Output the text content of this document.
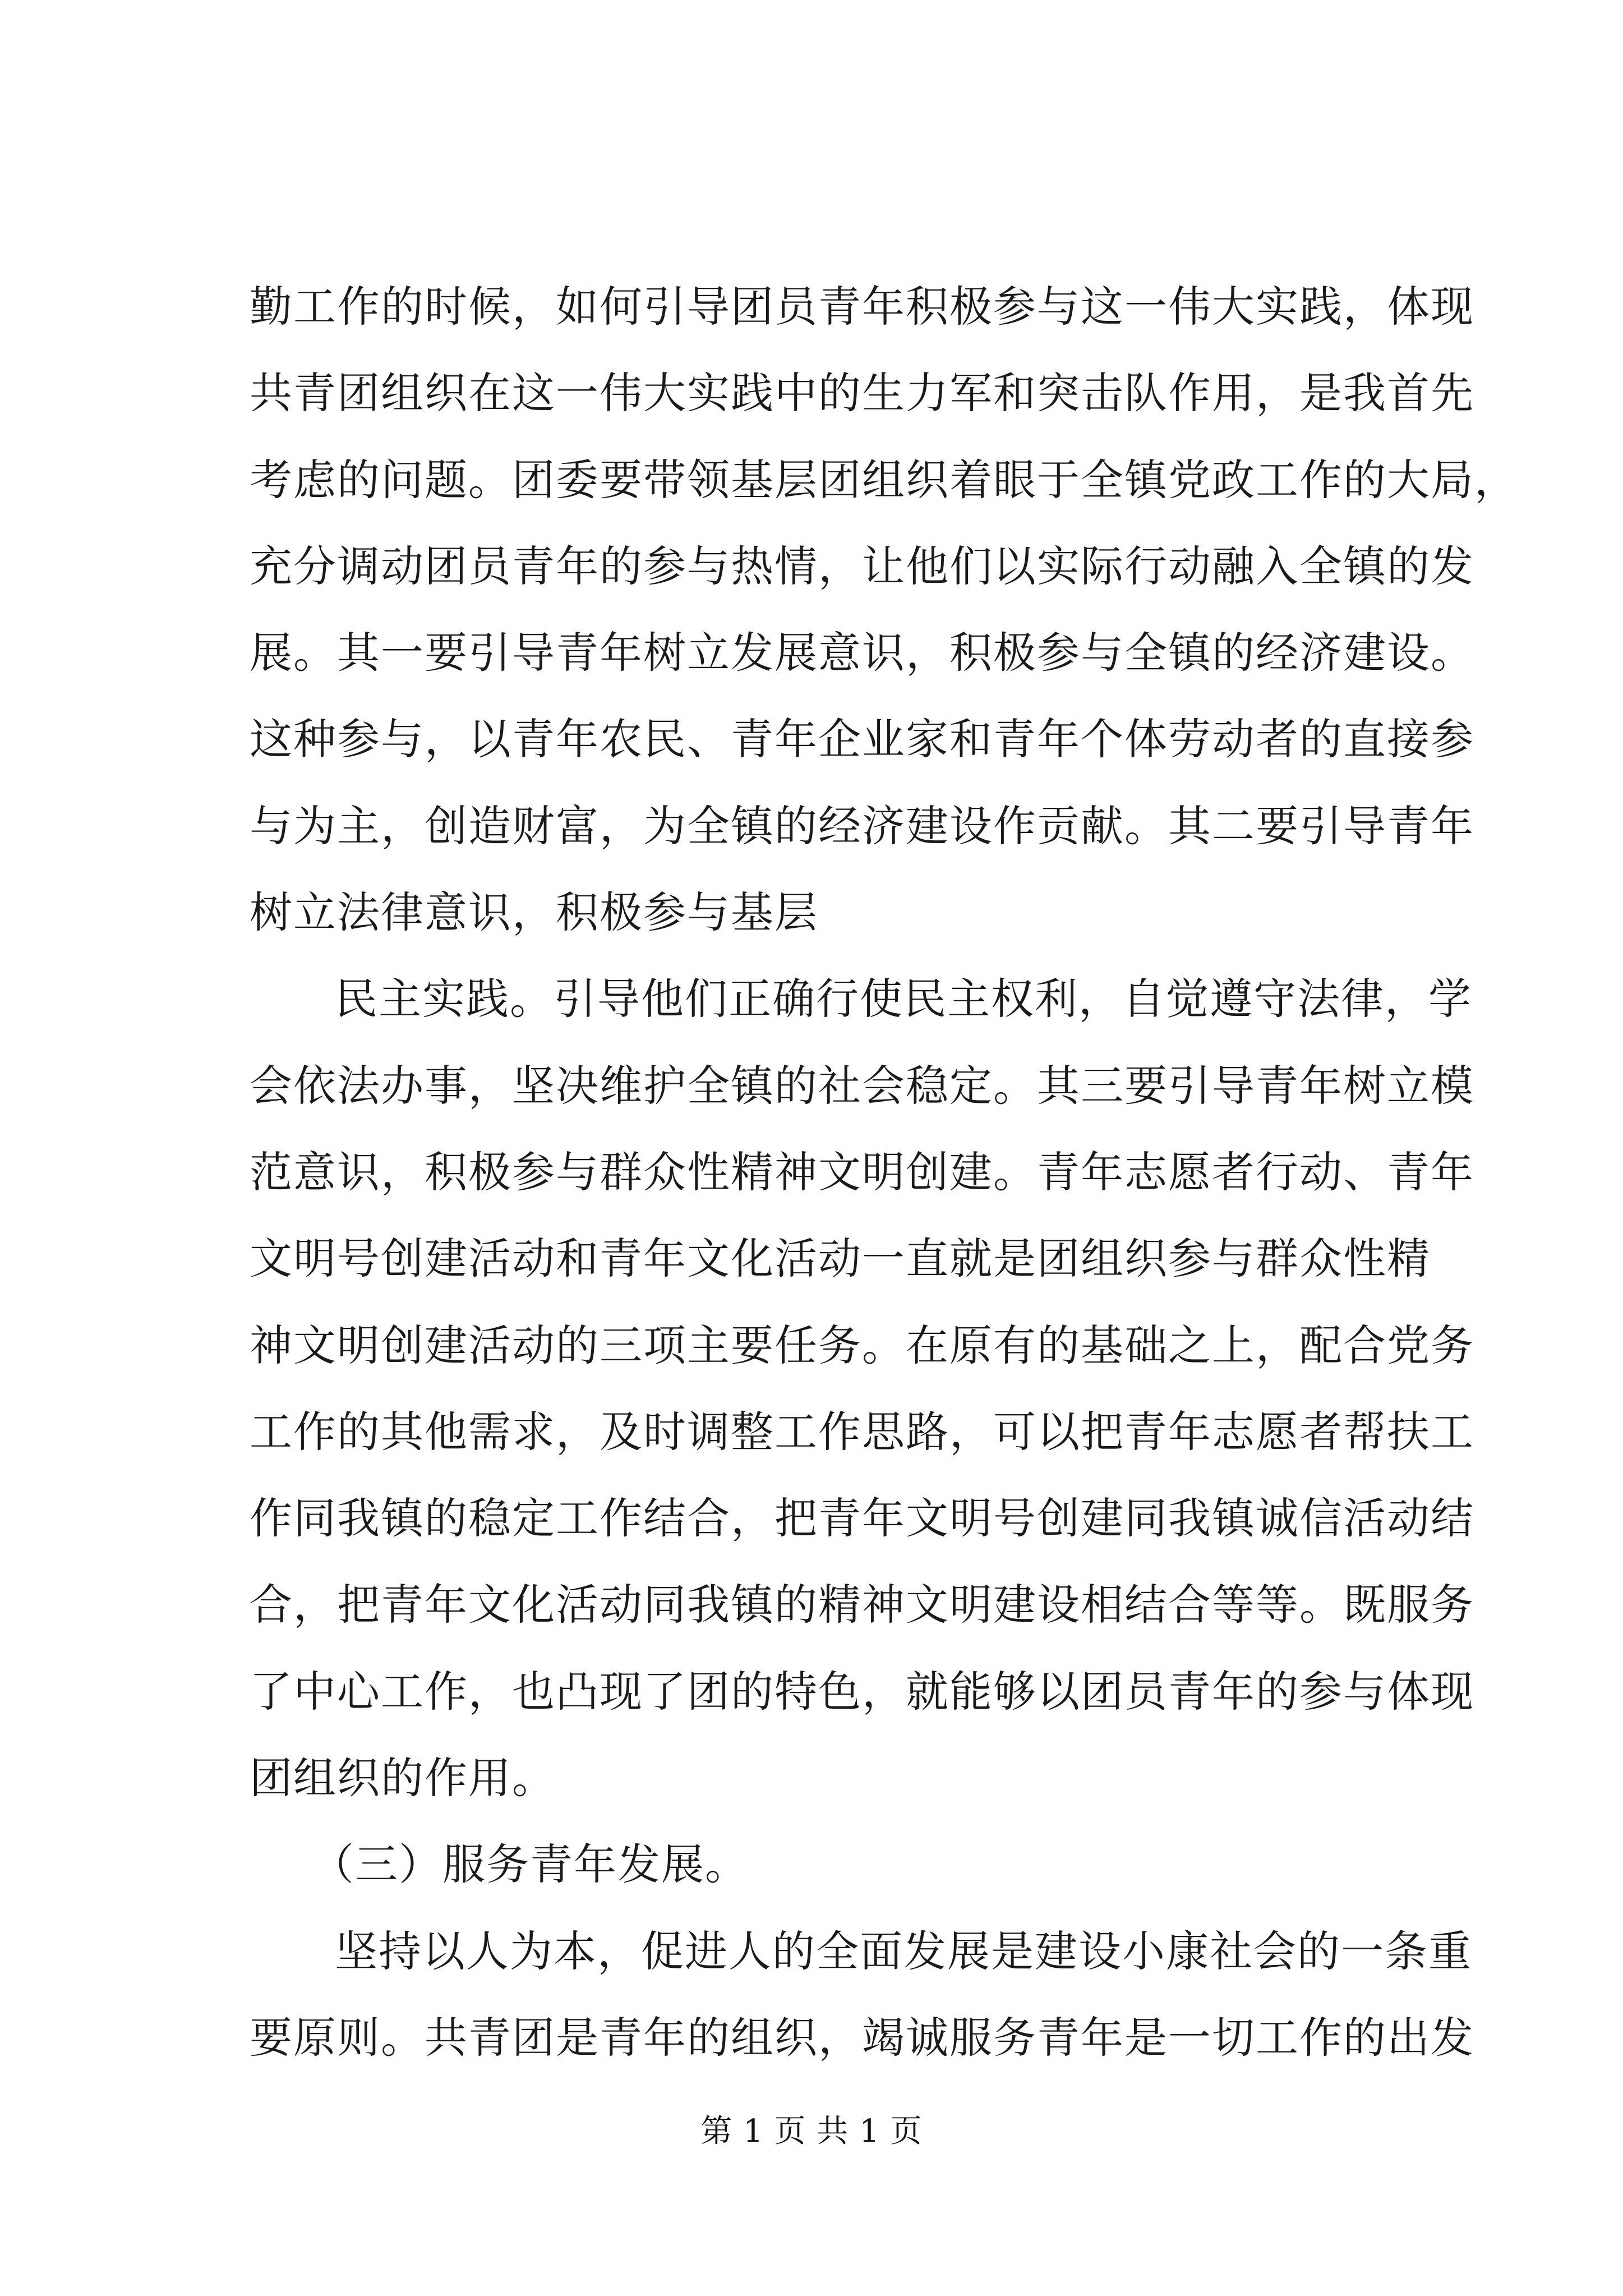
勤工作的时候，如何引导团员青年积极参与这一伟大实践，体现
共青团组织在这一伟大实践中的生力军和突击队作用，是我首先
考虑的问题。团委要带领基层团组织着眼于全镇党政工作的大局，
充分调动团员青年的参与热情，让他们以实际行动融入全镇的发
展。其一要引导青年树立发展意识，积极参与全镇的经济建设。
这种参与，以青年农民、青年企业家和青年个体劳动者的直接参
与为主，创造财富，为全镇的经济建设作贡献。其二要引导青年
树立法律意识，积极参与基层
民主实践。引导他们正确行使民主权利，自觉遵守法律，学
会依法办事，坚决维护全镇的社会稳定。其三要引导青年树立模
范意识，积极参与群众性精神文明创建。青年志愿者行动、青年
文明号创建活动和青年文化活动一直就是团组织参与群众性精
神文明创建活动的三项主要任务。在原有的基础之上，配合党务
工作的其他需求，及时调整工作思路，可以把青年志愿者帮扶工
作同我镇的稳定工作结合，把青年文明号创建同我镇诚信活动结
合，把青年文化活动同我镇的精神文明建设相结合等等。既服务
了中心工作，也凸现了团的特色，就能够以团员青年的参与体现
团组织的作用。
（三）服务青年发展。
坚持以人为本，促进人的全面发展是建设小康社会的一条重
要原则。共青团是青年的组织，竭诚服务青年是一切工作的出发
第 1 页 共 1 页
